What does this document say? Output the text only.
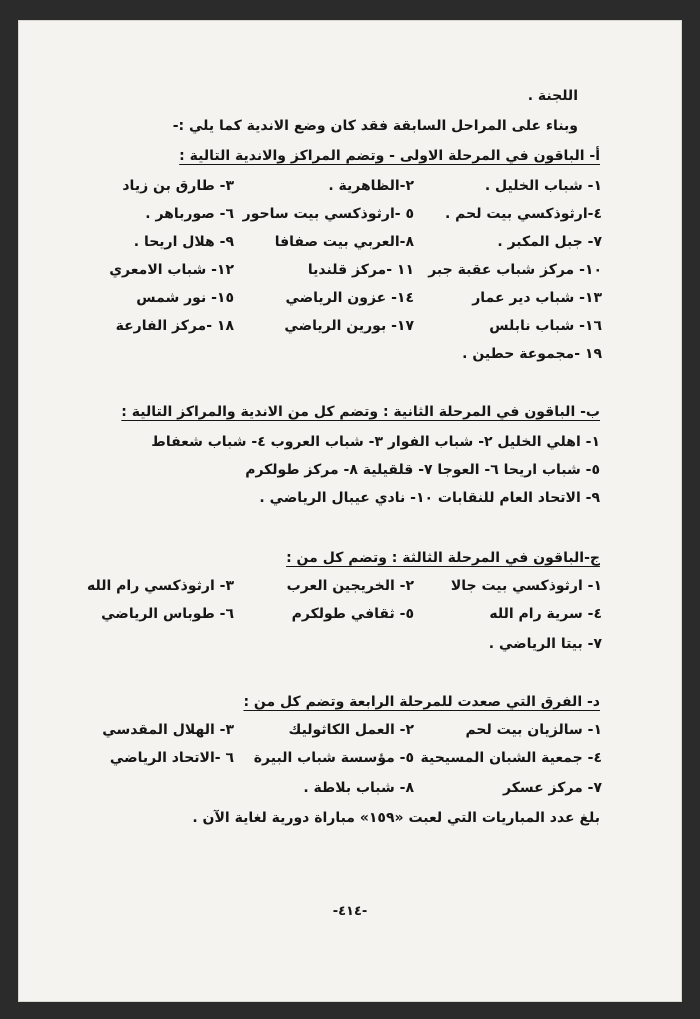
اللجنة .
وبناء على المراحل السابقة فقد كان وضع الاندية كما يلي :-
أ- الباقون في المرحلة الاولى - وتضم المراكز والاندية التالية :
١- شباب الخليل .
٢-الظاهرية .
٣- طارق بن زياد
٤-ارثوذكسي بيت لحم .
٥ -ارثوذكسي بيت ساحور
٦- صورباهر .
٧- جبل المكبر .
٨-العربي بيت صفافا
٩- هلال اريحا .
١٠- مركز شباب عقبة جبر
١١ -مركز قلنديا
١٢- شباب الامعري
١٣- شباب دير عمار
١٤- عزون الرياضي
١٥- نور شمس
١٦- شباب نابلس
١٧- بورين الرياضي
١٨ -مركز الفارعة
١٩ -مجموعة حطين .
ب- الباقون في المرحلة الثانية : وتضم كل من الاندية والمراكز التالية :
١- اهلي الخليل ٢- شباب الفوار ٣- شباب العروب ٤- شباب شعفاط
٥- شباب اريحا ٦- العوجا ٧- قلقيلية ٨- مركز طولكرم
٩- الاتحاد العام للنقابات ١٠- نادي عيبال الرياضي .
ج-الباقون في المرحلة الثالثة : وتضم كل من :
١- ارثوذكسي بيت جالا
٢- الخريجين العرب
٣- ارثوذكسي رام الله
٤- سرية رام الله
٥- ثقافي طولكرم
٦- طوباس الرياضي
٧- بيتا الرياضي .
د- الفرق التي صعدت للمرحلة الرابعة وتضم كل من :
١- سالزيان بيت لحم
٢- العمل الكاثوليك
٣- الهلال المقدسي
٤- جمعية الشبان المسيحية
٥- مؤسسة شباب البيرة
٦ -الاتحاد الرياضي
٧- مركز عسكر
٨- شباب بلاطة .
بلغ عدد المباريات التي لعبت «١٥٩» مباراة دورية لغاية الآن .
-٤١٤-
